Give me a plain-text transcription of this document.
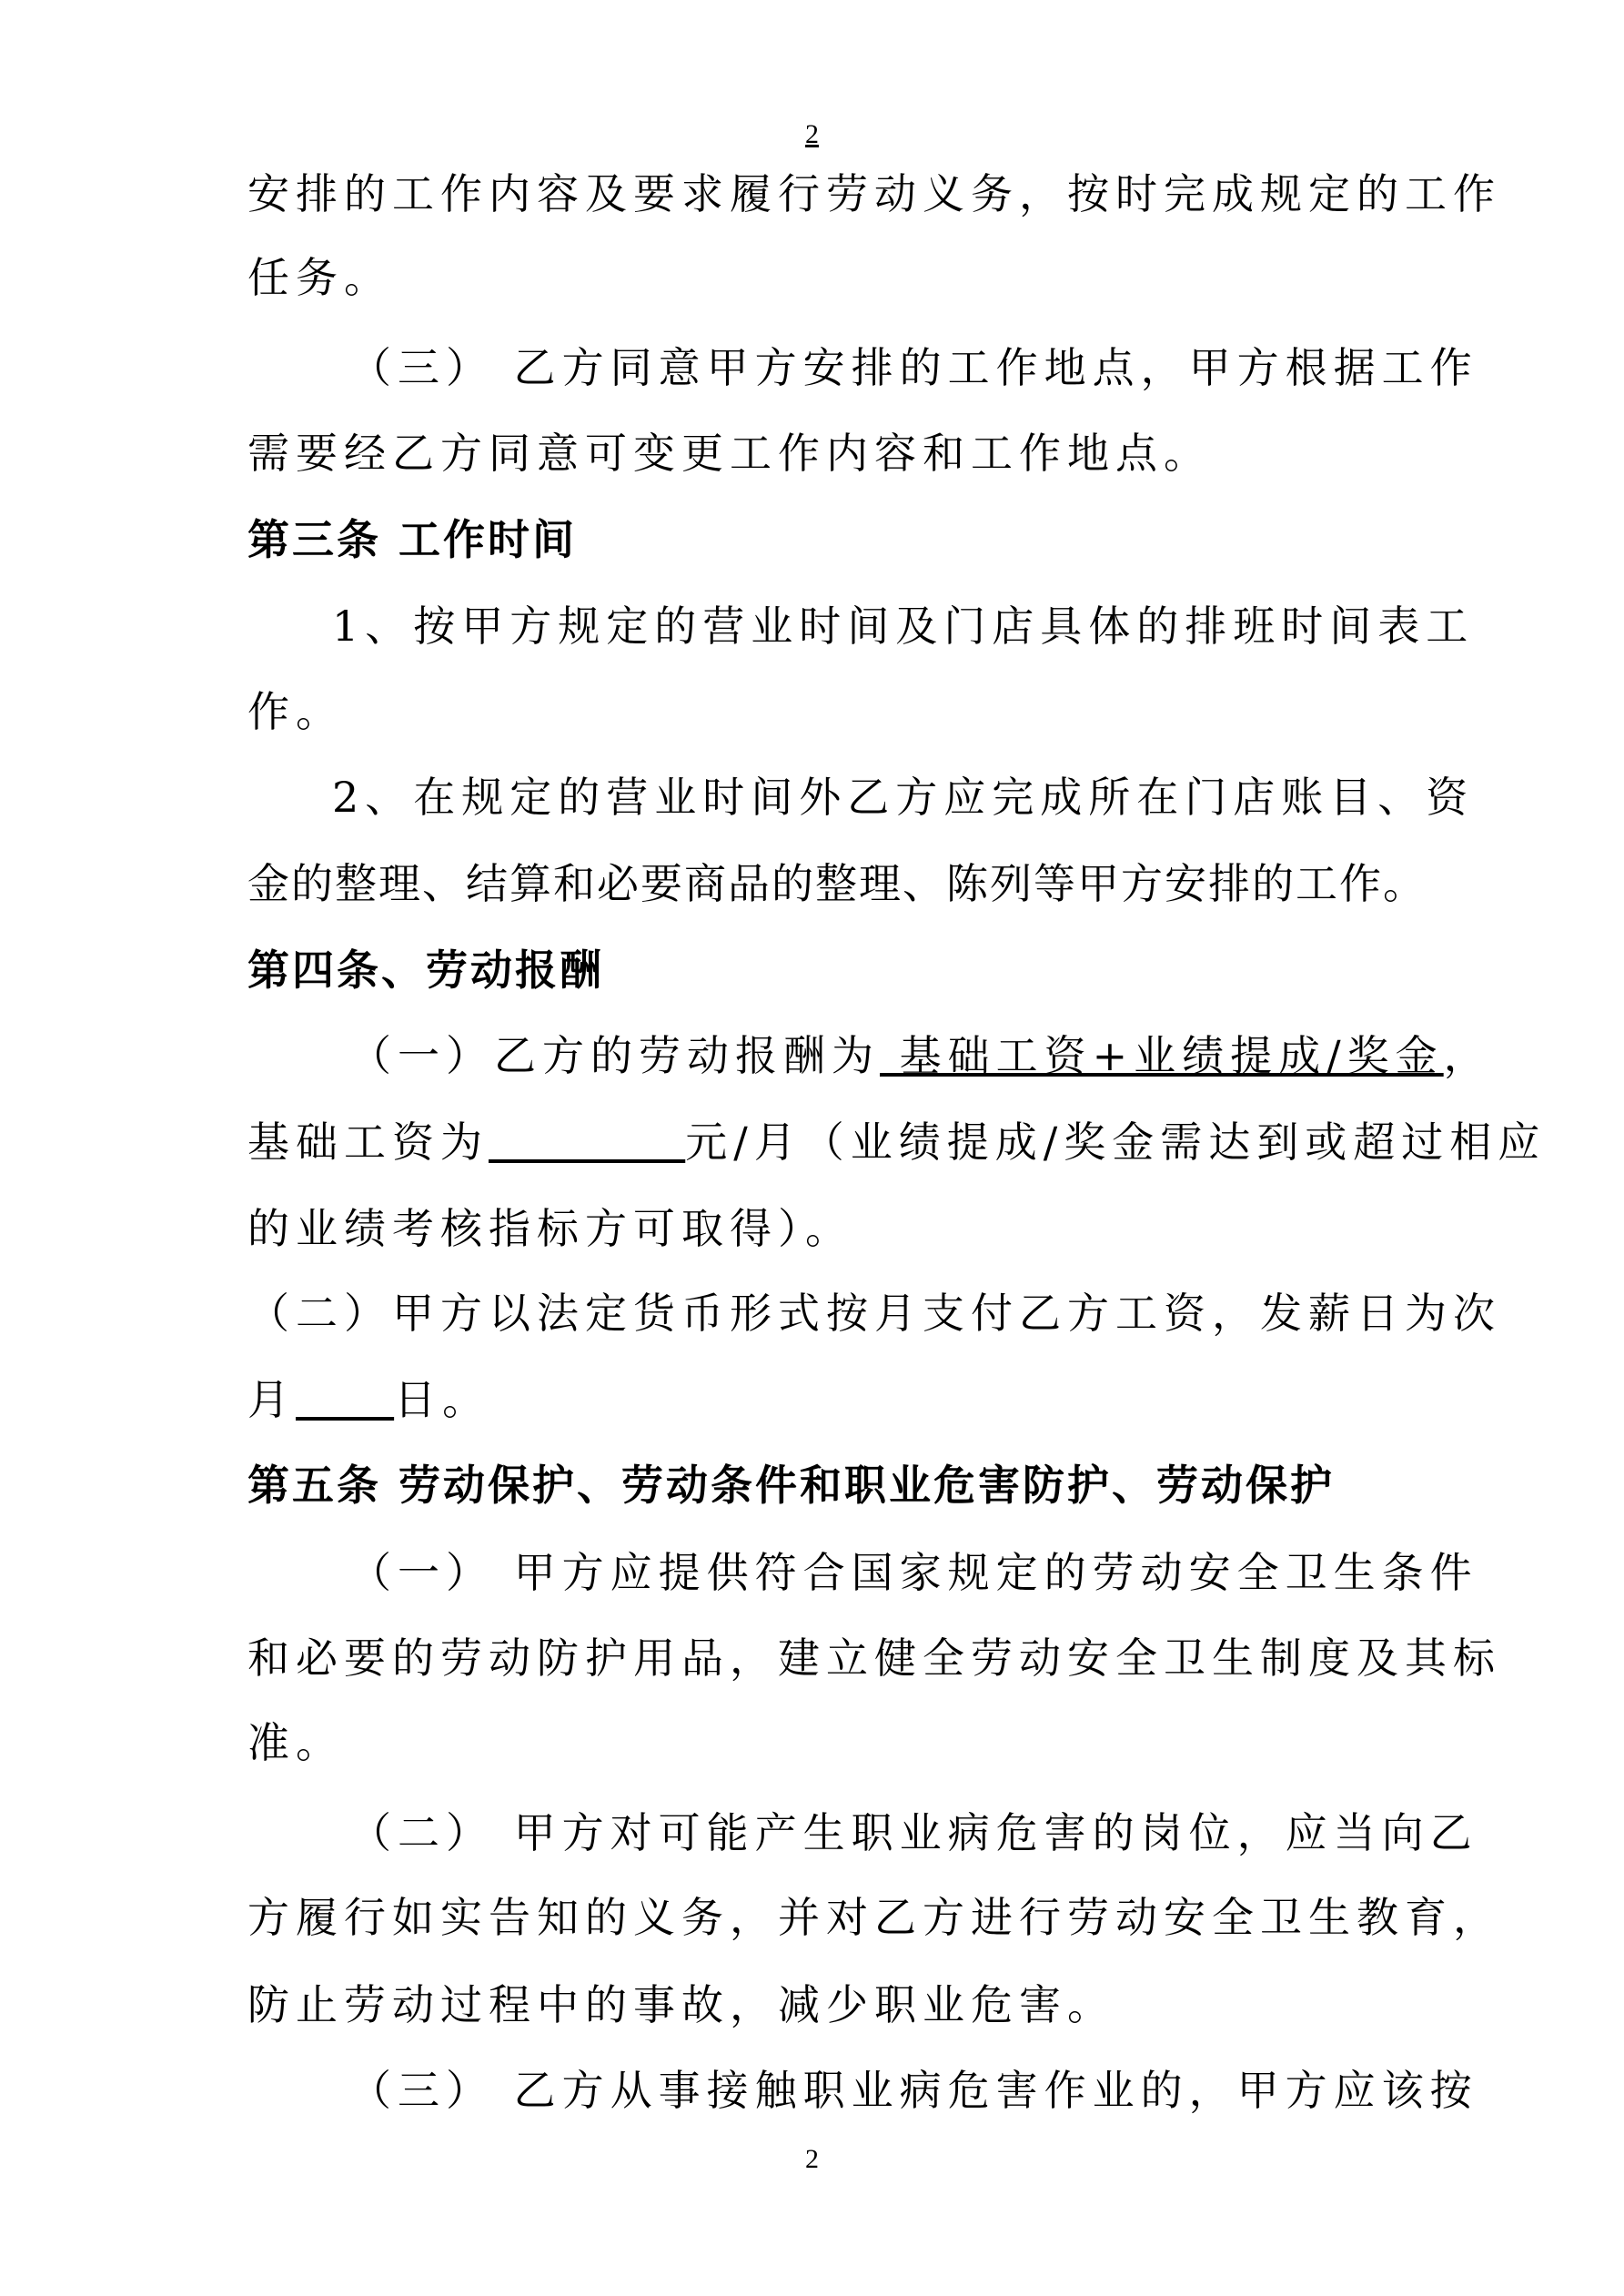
2
安排的工作内容及要求履行劳动义务，按时完成规定的工作
任务。
（三） 乙方同意甲方安排的工作地点，甲方根据工作
需要经乙方同意可变更工作内容和工作地点。
第三条 工作时间
1、按甲方规定的营业时间及门店具体的排班时间表工
作。
2、在规定的营业时间外乙方应完成所在门店账目、资
金的整理、结算和必要商品的整理、陈列等甲方安排的工作。
第四条、劳动报酬
（一）乙方的劳动报酬为 基础工资+业绩提成/奖金，
基础工资为	元/月（业绩提成/奖金需达到或超过相应
的业绩考核指标方可取得）。
（二）甲方以法定货币形式按月支付乙方工资，发薪日为次
月 日。
第五条 劳动保护、劳动条件和职业危害防护、劳动保护
（一） 甲方应提供符合国家规定的劳动安全卫生条件
和必要的劳动防护用品，建立健全劳动安全卫生制度及其标
准。
（二） 甲方对可能产生职业病危害的岗位，应当向乙
方履行如实告知的义务，并对乙方进行劳动安全卫生教育，
防止劳动过程中的事故，减少职业危害。
（三） 乙方从事接触职业病危害作业的，甲方应该按
2
